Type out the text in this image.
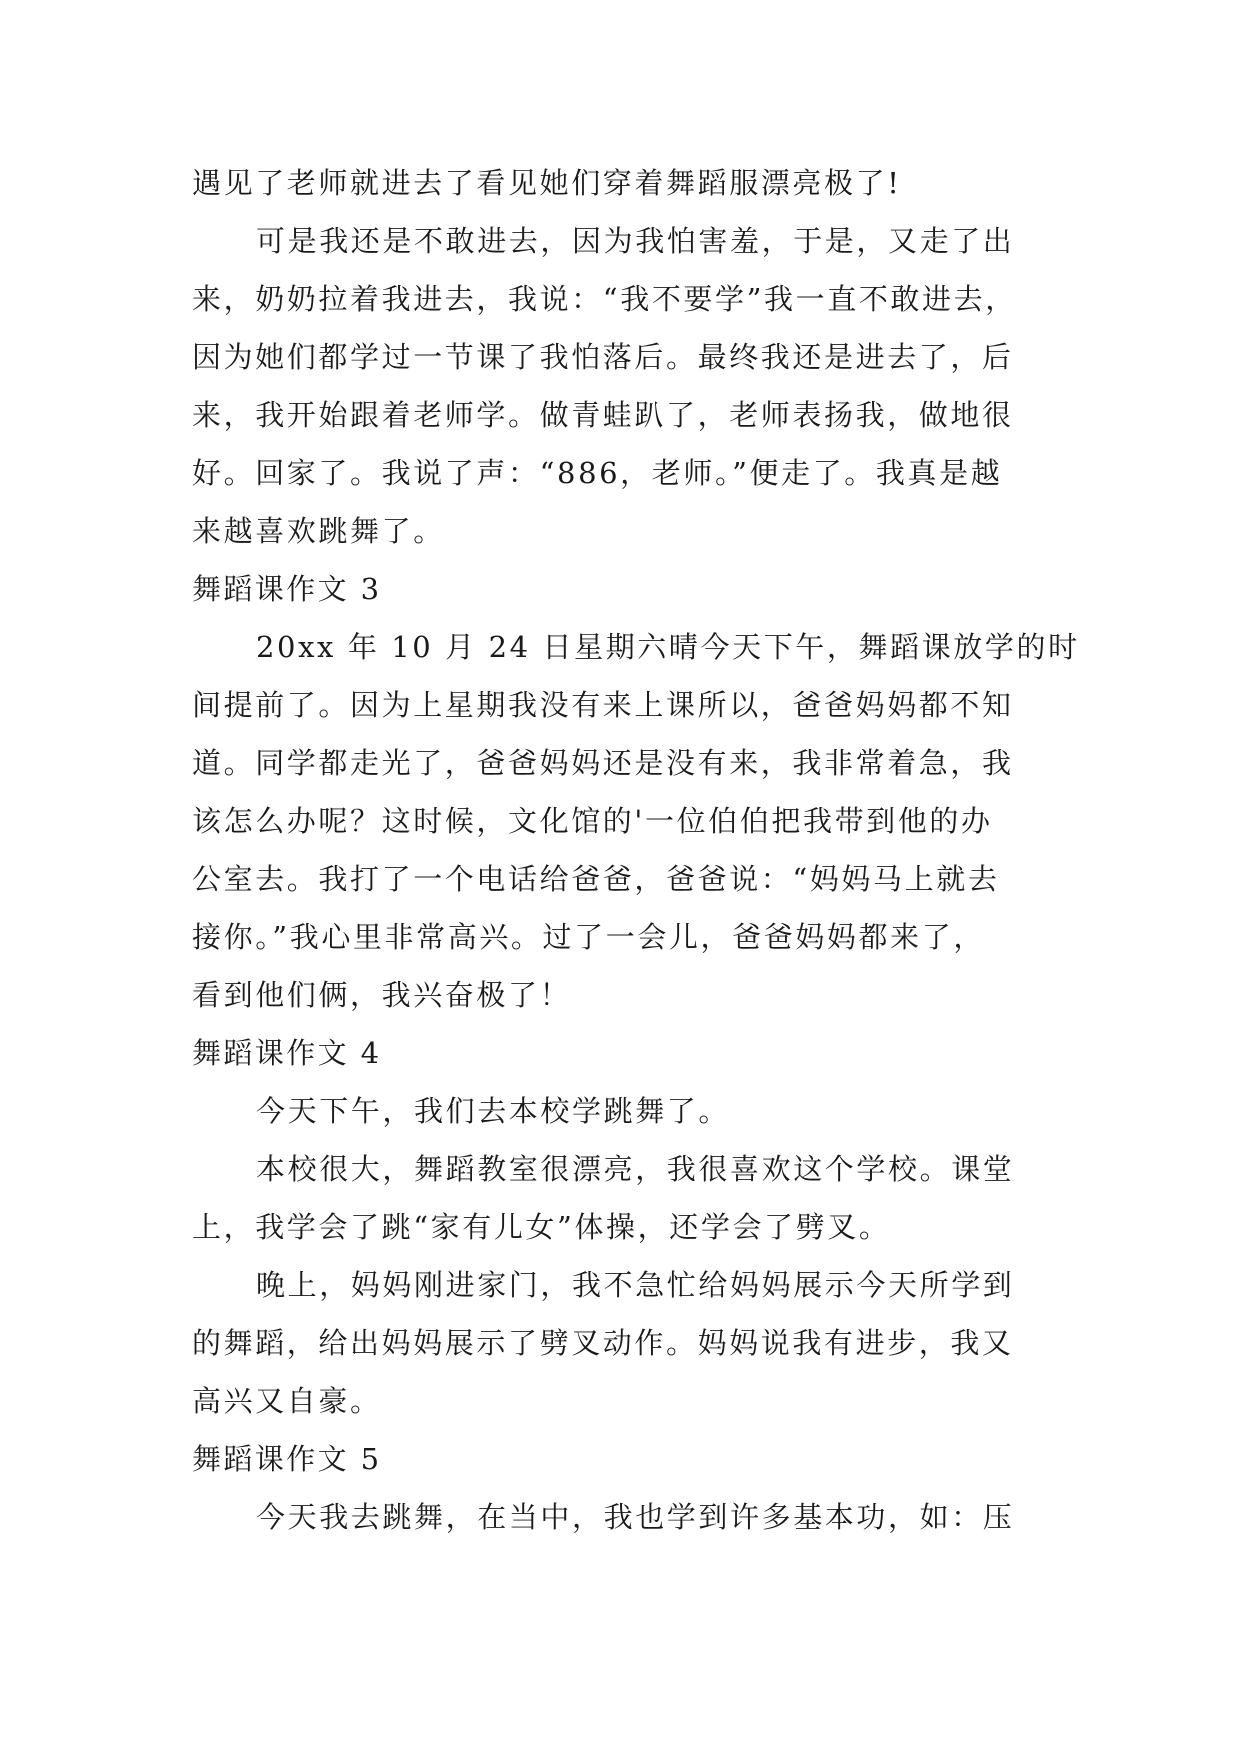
遇见了老师就进去了看见她们穿着舞蹈服漂亮极了!
可是我还是不敢进去，因为我怕害羞，于是，又走了出
来，奶奶拉着我进去，我说：“我不要学”我一直不敢进去，
因为她们都学过一节课了我怕落后。最终我还是进去了，后
来，我开始跟着老师学。做青蛙趴了，老师表扬我，做地很
好。回家了。我说了声：“886，老师。”便走了。我真是越
来越喜欢跳舞了。
舞蹈课作文 3
20xx 年 10 月 24 日星期六晴今天下午，舞蹈课放学的时
间提前了。因为上星期我没有来上课所以，爸爸妈妈都不知
道。同学都走光了，爸爸妈妈还是没有来，我非常着急，我
该怎么办呢？这时候，文化馆的'一位伯伯把我带到他的办
公室去。我打了一个电话给爸爸，爸爸说：“妈妈马上就去
接你。”我心里非常高兴。过了一会儿，爸爸妈妈都来了，
看到他们俩，我兴奋极了！
舞蹈课作文 4
今天下午，我们去本校学跳舞了。
本校很大，舞蹈教室很漂亮，我很喜欢这个学校。课堂
上，我学会了跳“家有儿女”体操，还学会了劈叉。
晚上，妈妈刚进家门，我不急忙给妈妈展示今天所学到
的舞蹈，给出妈妈展示了劈叉动作。妈妈说我有进步，我又
高兴又自豪。
舞蹈课作文 5
今天我去跳舞，在当中，我也学到许多基本功，如：压
